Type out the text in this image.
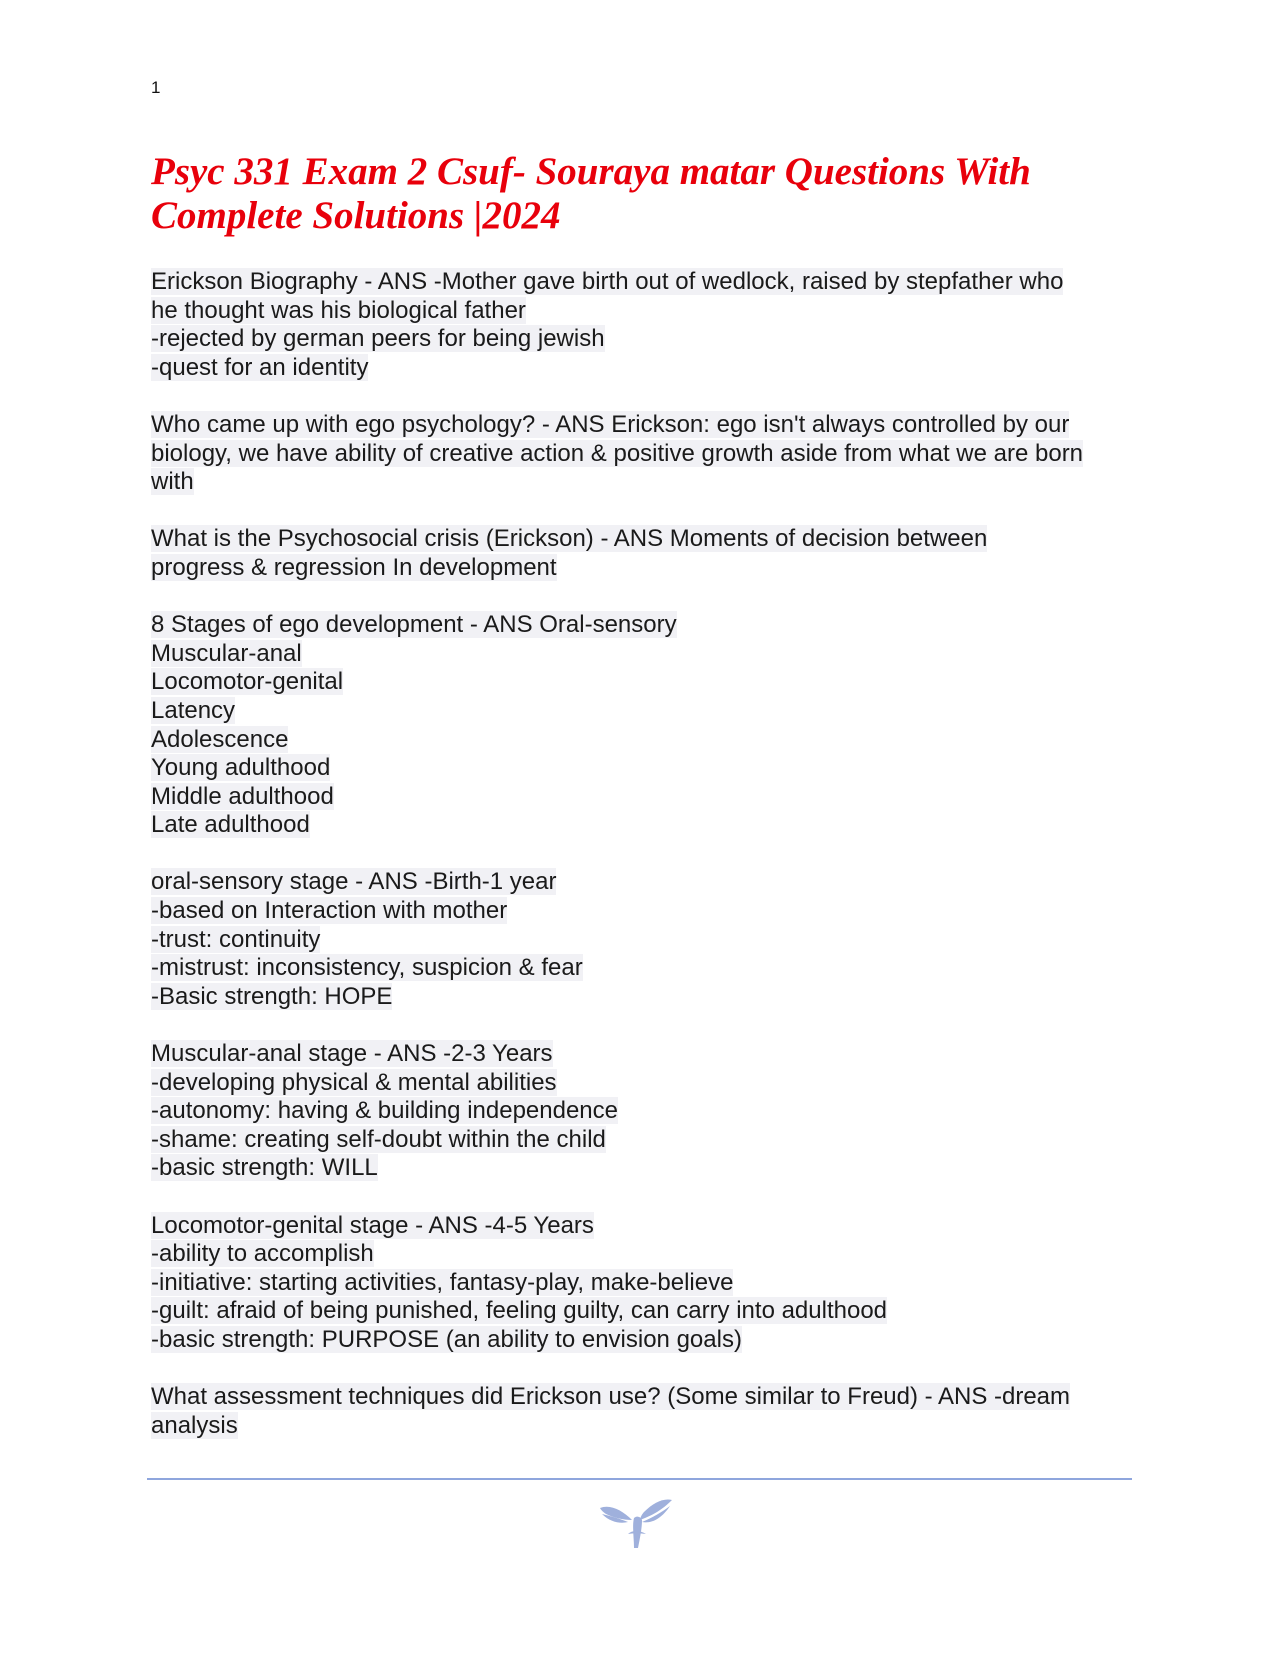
1
Psyc 331 Exam 2 Csuf- Souraya matar Questions With Complete Solutions |2024
Erickson Biography - ANS -Mother gave birth out of wedlock, raised by stepfather who
he thought was his biological father
-rejected by german peers for being jewish
-quest for an identity
Who came up with ego psychology? - ANS Erickson: ego isn't always controlled by our
biology, we have ability of creative action & positive growth aside from what we are born
with
What is the Psychosocial crisis (Erickson) - ANS Moments of decision between
progress & regression In development
8 Stages of ego development - ANS Oral-sensory
Muscular-anal
Locomotor-genital
Latency
Adolescence
Young adulthood
Middle adulthood
Late adulthood
oral-sensory stage - ANS -Birth-1 year
-based on Interaction with mother
-trust: continuity
-mistrust: inconsistency, suspicion & fear
-Basic strength: HOPE
Muscular-anal stage - ANS -2-3 Years
-developing physical & mental abilities
-autonomy: having & building independence
-shame: creating self-doubt within the child
-basic strength: WILL
Locomotor-genital stage - ANS -4-5 Years
-ability to accomplish
-initiative: starting activities, fantasy-play, make-believe
-guilt: afraid of being punished, feeling guilty, can carry into adulthood
-basic strength: PURPOSE (an ability to envision goals)
What assessment techniques did Erickson use? (Some similar to Freud) - ANS -dream
analysis
